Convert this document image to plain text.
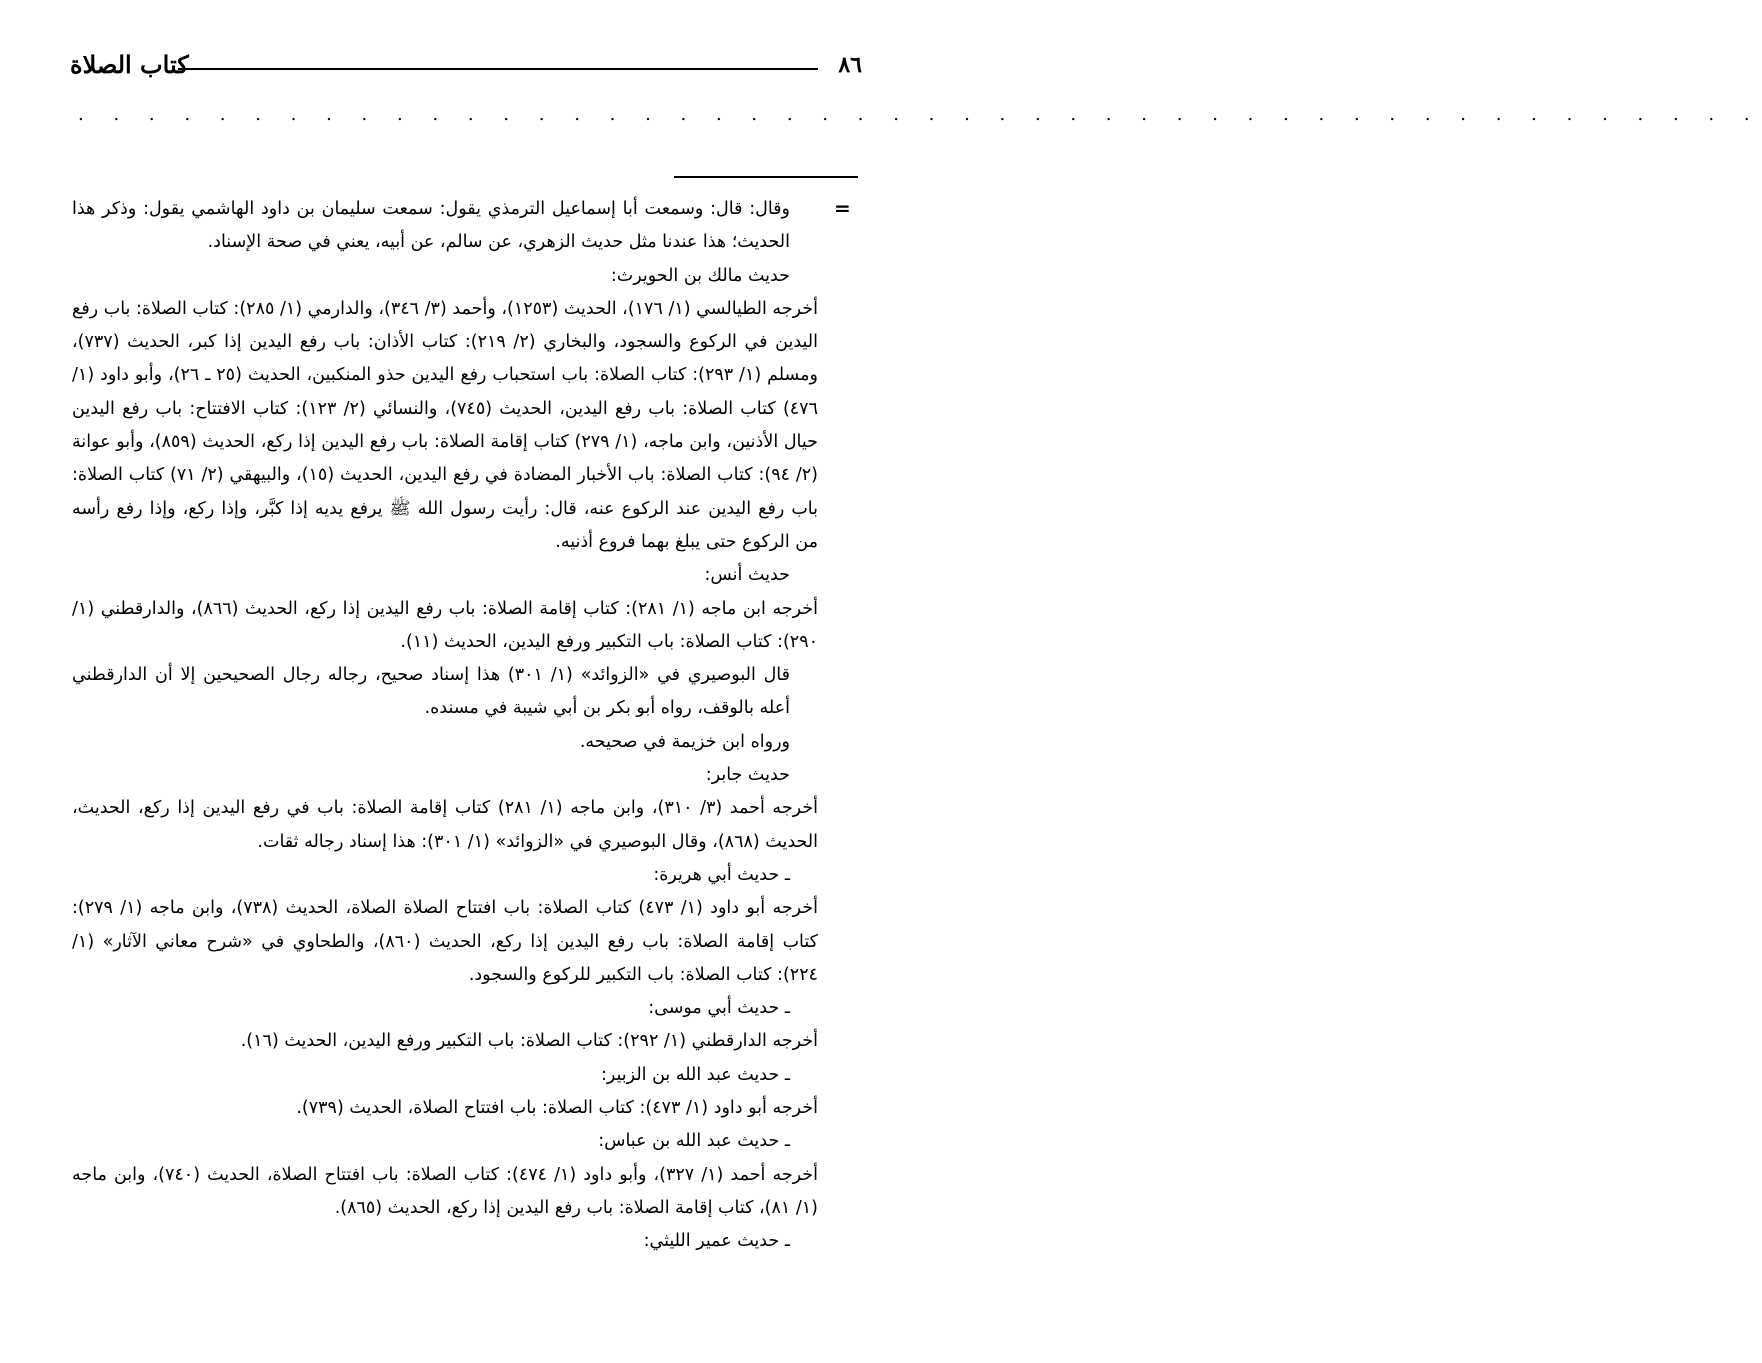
٨٦
كتاب الصلاة
. . . . . . . . . . . . . . . . . . . . . . . . . . . . . . . . . . . . . . . . . . . . . . . .
=

وقال: قال: وسمعت أبا إسماعيل الترمذي يقول: سمعت سليمان بن داود الهاشمي يقول: وذكر هذا الحديث؛ هذا عندنا مثل حديث الزهري، عن سالم، عن أبيه، يعني في صحة الإسناد.

حديث مالك بن الحويرث:

أخرجه الطيالسي (١/ ١٧٦)، الحديث (١٢٥٣)، وأحمد (٣/ ٣٤٦)، والدارمي (١/ ٢٨٥): كتاب الصلاة: باب رفع اليدين في الركوع والسجود، والبخاري (٢/ ٢١٩): كتاب الأذان: باب رفع اليدين إذا كبر، الحديث (٧٣٧)، ومسلم (١/ ٢٩٣): كتاب الصلاة: باب استحباب رفع اليدين حذو المنكبين، الحديث (٢٥ ـ ٢٦)، وأبو داود (١/ ٤٧٦) كتاب الصلاة: باب رفع اليدين، الحديث (٧٤٥)، والنسائي (٢/ ١٢٣): كتاب الافتتاح: باب رفع اليدين حيال الأذنين، وابن ماجه، (١/ ٢٧٩) كتاب إقامة الصلاة: باب رفع اليدين إذا ركع، الحديث (٨٥٩)، وأبو عوانة (٢/ ٩٤): كتاب الصلاة: باب الأخبار المضادة في رفع اليدين، الحديث (١٥)، والبيهقي (٢/ ٧١) كتاب الصلاة: باب رفع اليدين عند الركوع عنه، قال: رأيت رسول الله ﷺ يرفع يديه إذا كبَّر، وإذا ركع، وإذا رفع رأسه من الركوع حتى يبلغ بهما فروع أذنيه.

حديث أنس:

أخرجه ابن ماجه (١/ ٢٨١): كتاب إقامة الصلاة: باب رفع اليدين إذا ركع، الحديث (٨٦٦)، والدارقطني (١/ ٢٩٠): كتاب الصلاة: باب التكبير ورفع اليدين، الحديث (١١).

قال البوصيري في «الزوائد» (١/ ٣٠١) هذا إسناد صحيح، رجاله رجال الصحيحين إلا أن الدارقطني أعله بالوقف، رواه أبو بكر بن أبي شيبة في مسنده.

ورواه ابن خزيمة في صحيحه.

حديث جابر:

أخرجه أحمد (٣/ ٣١٠)، وابن ماجه (١/ ٢٨١) كتاب إقامة الصلاة: باب في رفع اليدين إذا ركع، الحديث، الحديث (٨٦٨)، وقال البوصيري في «الزوائد» (١/ ٣٠١): هذا إسناد رجاله ثقات.

ـ حديث أبي هريرة:

أخرجه أبو داود (١/ ٤٧٣) كتاب الصلاة: باب افتتاح الصلاة الصلاة، الحديث (٧٣٨)، وابن ماجه (١/ ٢٧٩): كتاب إقامة الصلاة: باب رفع اليدين إذا ركع، الحديث (٨٦٠)، والطحاوي في «شرح معاني الآثار» (١/ ٢٢٤): كتاب الصلاة: باب التكبير للركوع والسجود.

ـ حديث أبي موسى:

أخرجه الدارقطني (١/ ٢٩٢): كتاب الصلاة: باب التكبير ورفع اليدين، الحديث (١٦).

ـ حديث عبد الله بن الزبير:

أخرجه أبو داود (١/ ٤٧٣): كتاب الصلاة: باب افتتاح الصلاة، الحديث (٧٣٩).

ـ حديث عبد الله بن عباس:

أخرجه أحمد (١/ ٣٢٧)، وأبو داود (١/ ٤٧٤): كتاب الصلاة: باب افتتاح الصلاة، الحديث (٧٤٠)، وابن ماجه (١/ ٨١)، كتاب إقامة الصلاة: باب رفع اليدين إذا ركع، الحديث (٨٦٥).

ـ حديث عمير الليثي:
